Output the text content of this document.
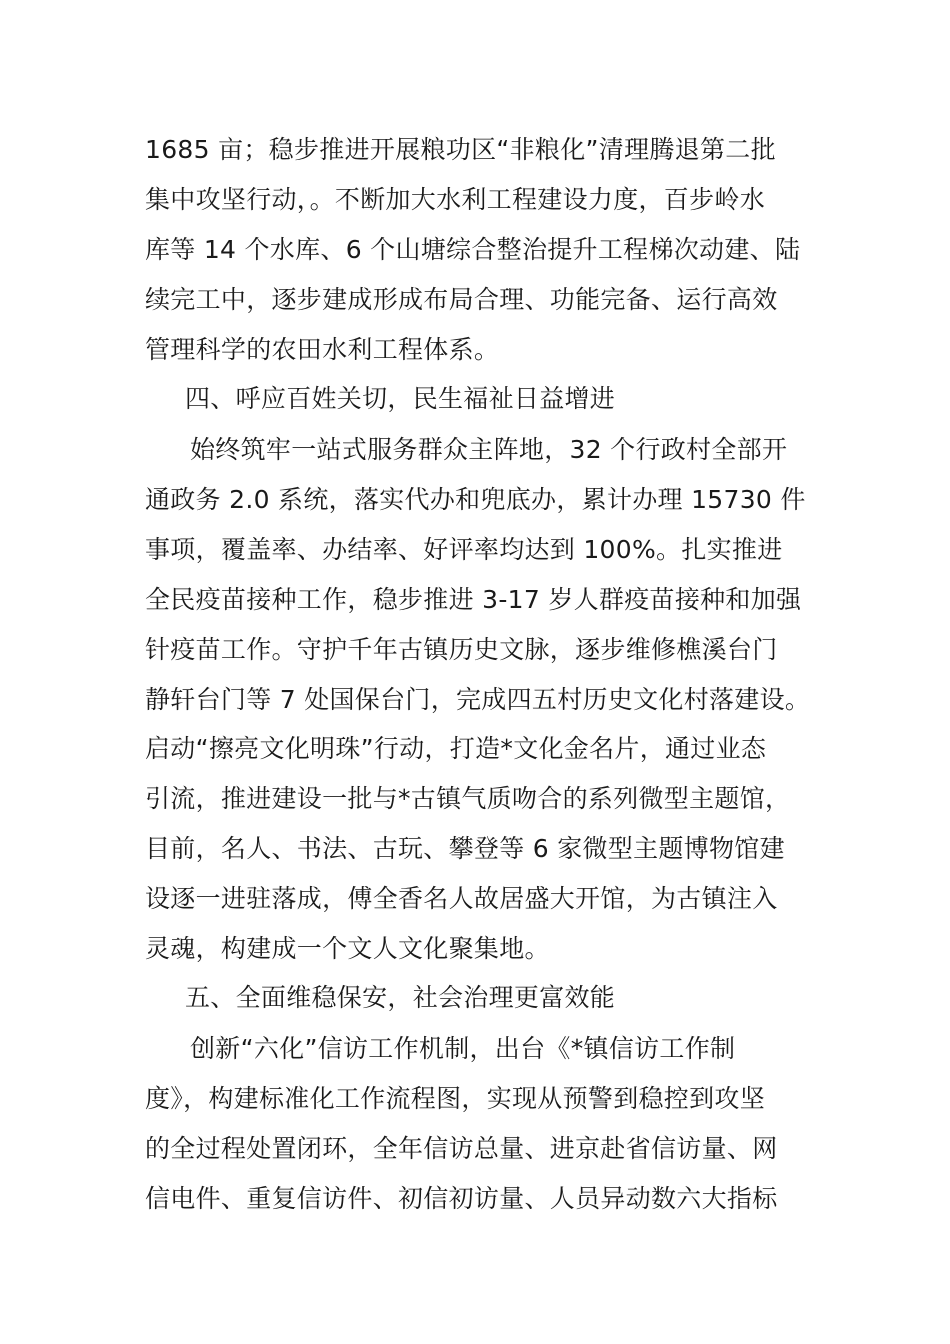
1685 亩；稳步推进开展粮功区“非粮化”清理腾退第二批
集中攻坚行动，。不断加大水利工程建设力度，百步岭水
库等 14 个水库、6 个山塘综合整治提升工程梯次动建、陆
续完工中，逐步建成形成布局合理、功能完备、运行高效
管理科学的农田水利工程体系。
四、呼应百姓关切，民生福祉日益增进
始终筑牢一站式服务群众主阵地，32 个行政村全部开
通政务 2.0 系统，落实代办和兜底办，累计办理 15730 件
事项，覆盖率、办结率、好评率均达到 100%。扎实推进
全民疫苗接种工作，稳步推进 3-17 岁人群疫苗接种和加强
针疫苗工作。守护千年古镇历史文脉，逐步维修樵溪台门
静轩台门等 7 处国保台门，完成四五村历史文化村落建设。
启动“擦亮文化明珠”行动，打造*文化金名片，通过业态
引流，推进建设一批与*古镇气质吻合的系列微型主题馆，
目前，名人、书法、古玩、攀登等 6 家微型主题博物馆建
设逐一进驻落成，傅全香名人故居盛大开馆，为古镇注入
灵魂，构建成一个文人文化聚集地。
五、全面维稳保安，社会治理更富效能
创新“六化”信访工作机制，出台《*镇信访工作制
度》，构建标准化工作流程图，实现从预警到稳控到攻坚
的全过程处置闭环，全年信访总量、进京赴省信访量、网
信电件、重复信访件、初信初访量、人员异动数六大指标
